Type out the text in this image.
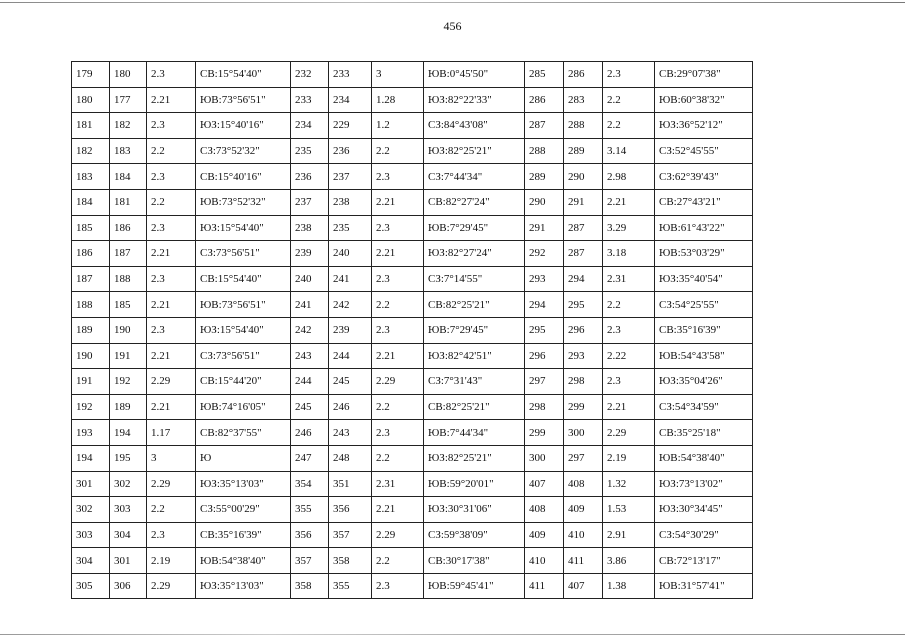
456
179	180	2.3	СВ:15°54'40"	232	233	3	ЮВ:0°45'50"	285	286	2.3	СВ:29°07'38"
180	177	2.21	ЮВ:73°56'51"	233	234	1.28	ЮЗ:82°22'33"	286	283	2.2	ЮВ:60°38'32"
181	182	2.3	ЮЗ:15°40'16"	234	229	1.2	СЗ:84°43'08"	287	288	2.2	ЮЗ:36°52'12"
182	183	2.2	СЗ:73°52'32"	235	236	2.2	ЮЗ:82°25'21"	288	289	3.14	СЗ:52°45'55"
183	184	2.3	СВ:15°40'16"	236	237	2.3	СЗ:7°44'34"	289	290	2.98	СЗ:62°39'43"
184	181	2.2	ЮВ:73°52'32"	237	238	2.21	СВ:82°27'24"	290	291	2.21	СВ:27°43'21"
185	186	2.3	ЮЗ:15°54'40"	238	235	2.3	ЮВ:7°29'45"	291	287	3.29	ЮВ:61°43'22"
186	187	2.21	СЗ:73°56'51"	239	240	2.21	ЮЗ:82°27'24"	292	287	3.18	ЮВ:53°03'29"
187	188	2.3	СВ:15°54'40"	240	241	2.3	СЗ:7°14'55"	293	294	2.31	ЮЗ:35°40'54"
188	185	2.21	ЮВ:73°56'51"	241	242	2.2	СВ:82°25'21"	294	295	2.2	СЗ:54°25'55"
189	190	2.3	ЮЗ:15°54'40"	242	239	2.3	ЮВ:7°29'45"	295	296	2.3	СВ:35°16'39"
190	191	2.21	СЗ:73°56'51"	243	244	2.21	ЮЗ:82°42'51"	296	293	2.22	ЮВ:54°43'58"
191	192	2.29	СВ:15°44'20"	244	245	2.29	СЗ:7°31'43"	297	298	2.3	ЮЗ:35°04'26"
192	189	2.21	ЮВ:74°16'05"	245	246	2.2	СВ:82°25'21"	298	299	2.21	СЗ:54°34'59"
193	194	1.17	СВ:82°37'55"	246	243	2.3	ЮВ:7°44'34"	299	300	2.29	СВ:35°25'18"
194	195	3	Ю	247	248	2.2	ЮЗ:82°25'21"	300	297	2.19	ЮВ:54°38'40"
301	302	2.29	ЮЗ:35°13'03"	354	351	2.31	ЮВ:59°20'01"	407	408	1.32	ЮЗ:73°13'02"
302	303	2.2	СЗ:55°00'29"	355	356	2.21	ЮЗ:30°31'06"	408	409	1.53	ЮЗ:30°34'45"
303	304	2.3	СВ:35°16'39"	356	357	2.29	СЗ:59°38'09"	409	410	2.91	СЗ:54°30'29"
304	301	2.19	ЮВ:54°38'40"	357	358	2.2	СВ:30°17'38"	410	411	3.86	СВ:72°13'17"
305	306	2.29	ЮЗ:35°13'03"	358	355	2.3	ЮВ:59°45'41"	411	407	1.38	ЮВ:31°57'41"
